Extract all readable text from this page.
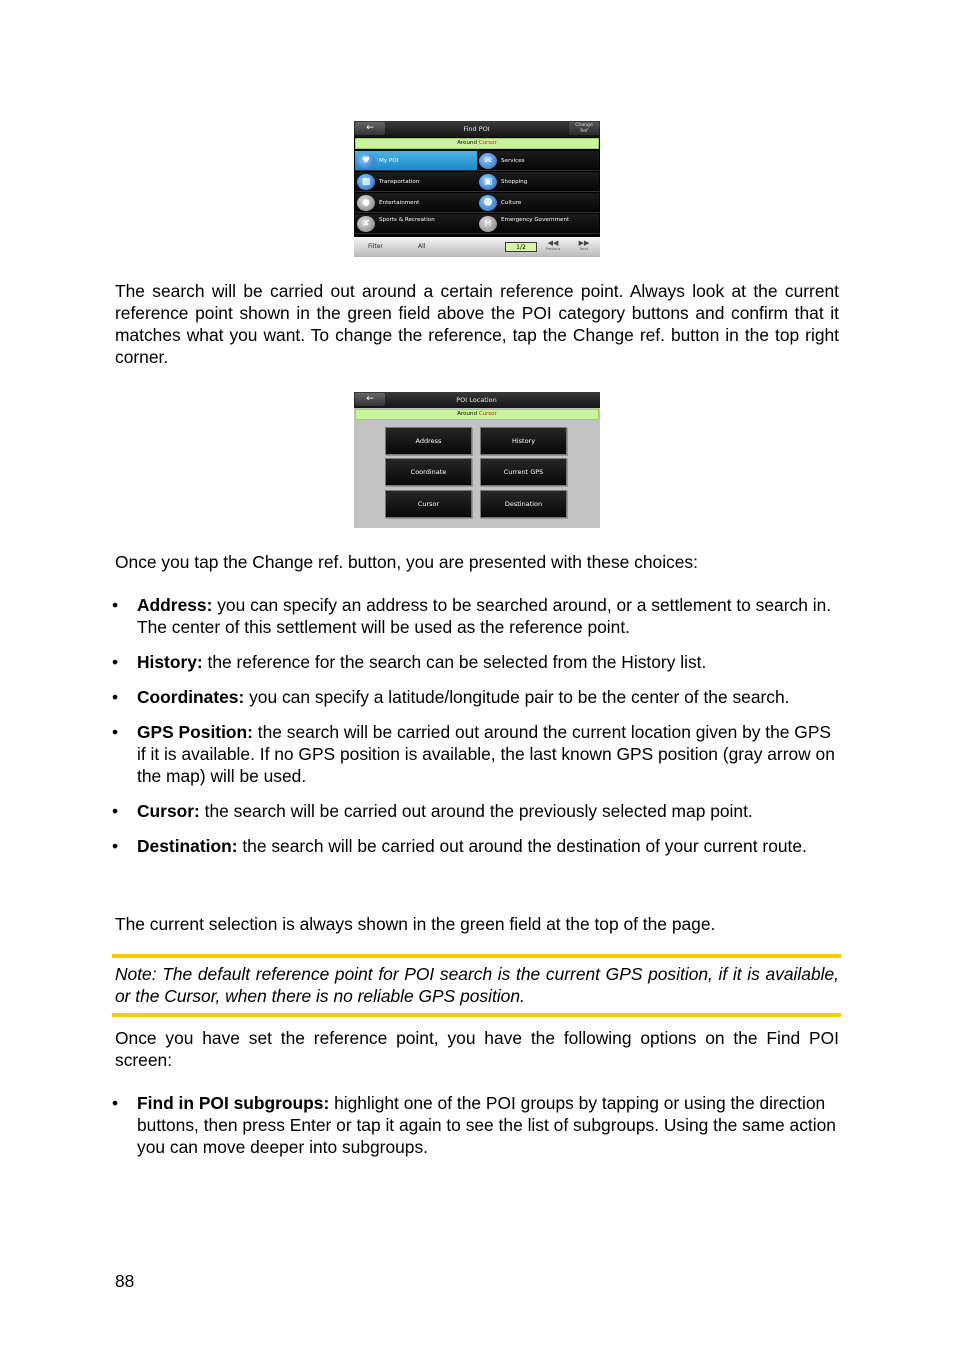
←	Find POI	Change
Ref
Around Cursor
♥	My POI	✉	Services
▩	Transportation	▣	Shopping
●	Entertainment	☻	Culture
✘	Sports & Recreation	H	Emergency Government
Filter	All	1/2
◀◀
Previous
▶▶
Next

The search will be carried out around a certain reference point. Always look at the current reference point shown in the green field above the POI category buttons and confirm that it matches what you want. To change the reference, tap the Change ref. button in the top right corner.

←	POI Location
Around Cursor
Address	History
Coordinate	Current GPS
Cursor	Destination

Once you tap the Change ref. button, you are presented with these choices:

• Address: you can specify an address to be searched around, or a settlement to search in. The center of this settlement will be used as the reference point.
• History: the reference for the search can be selected from the History list.
• Coordinates: you can specify a latitude/longitude pair to be the center of the search.
• GPS Position: the search will be carried out around the current location given by the GPS if it is available. If no GPS position is available, the last known GPS position (gray arrow on the map) will be used.
• Cursor: the search will be carried out around the previously selected map point.
• Destination: the search will be carried out around the destination of your current route.

The current selection is always shown in the green field at the top of the page.

Note: The default reference point for POI search is the current GPS position, if it is available, or the Cursor, when there is no reliable GPS position.

Once you have set the reference point, you have the following options on the Find POI screen:

• Find in POI subgroups: highlight one of the POI groups by tapping or using the direction buttons, then press Enter or tap it again to see the list of subgroups. Using the same action you can move deeper into subgroups.
88
